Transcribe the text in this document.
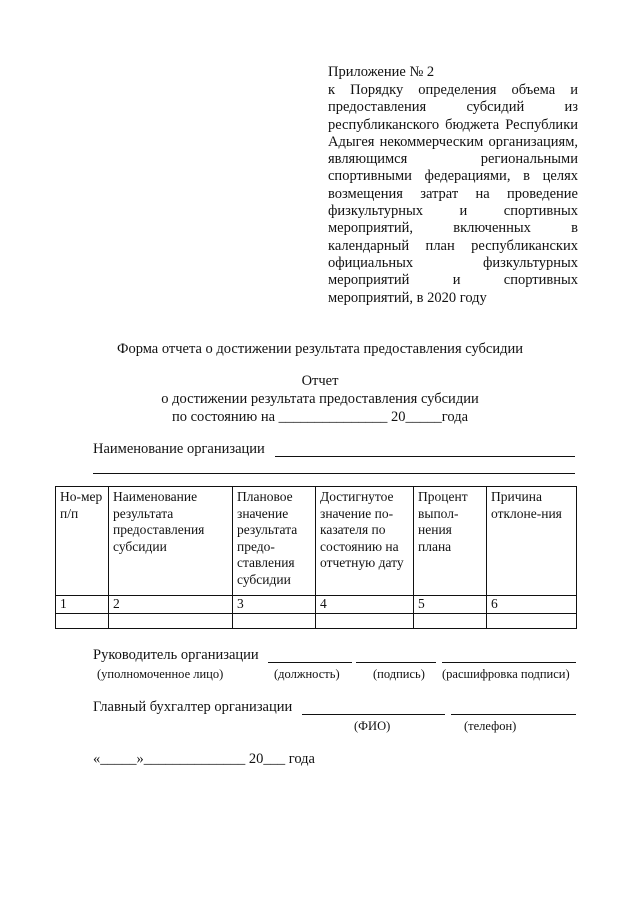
Приложение № 2
к Порядку определения объема и предоставления субсидий из республиканского бюджета Республики Адыгея некоммерческим организациям, являющимся региональными спортивными федерациями, в целях возмещения затрат на проведение физкультурных и спортивных мероприятий, включенных в календарный план республиканских официальных физкультурных мероприятий и спортивных мероприятий, в 2020 году
Форма отчета о достижении результата предоставления субсидии
Отчет
о достижении результата предоставления субсидии
по состоянию на _______________ 20_____года
Наименование организации
Но-мер п/п	Наименование результата предоставления субсидии	Плановое значение результата предо-ставления субсидии	Достигнутое значение по-казателя по состоянию на отчетную дату	Процент выпол-нения плана	Причина отклоне-ния
1	2	3	4	5	6

Руководитель организации
(уполномоченное лицо)	(должность)	(подпись) (расшифровка подписи)
Главный бухгалтер организации
(ФИО)	(телефон)
«_____»______________ 20___ года
